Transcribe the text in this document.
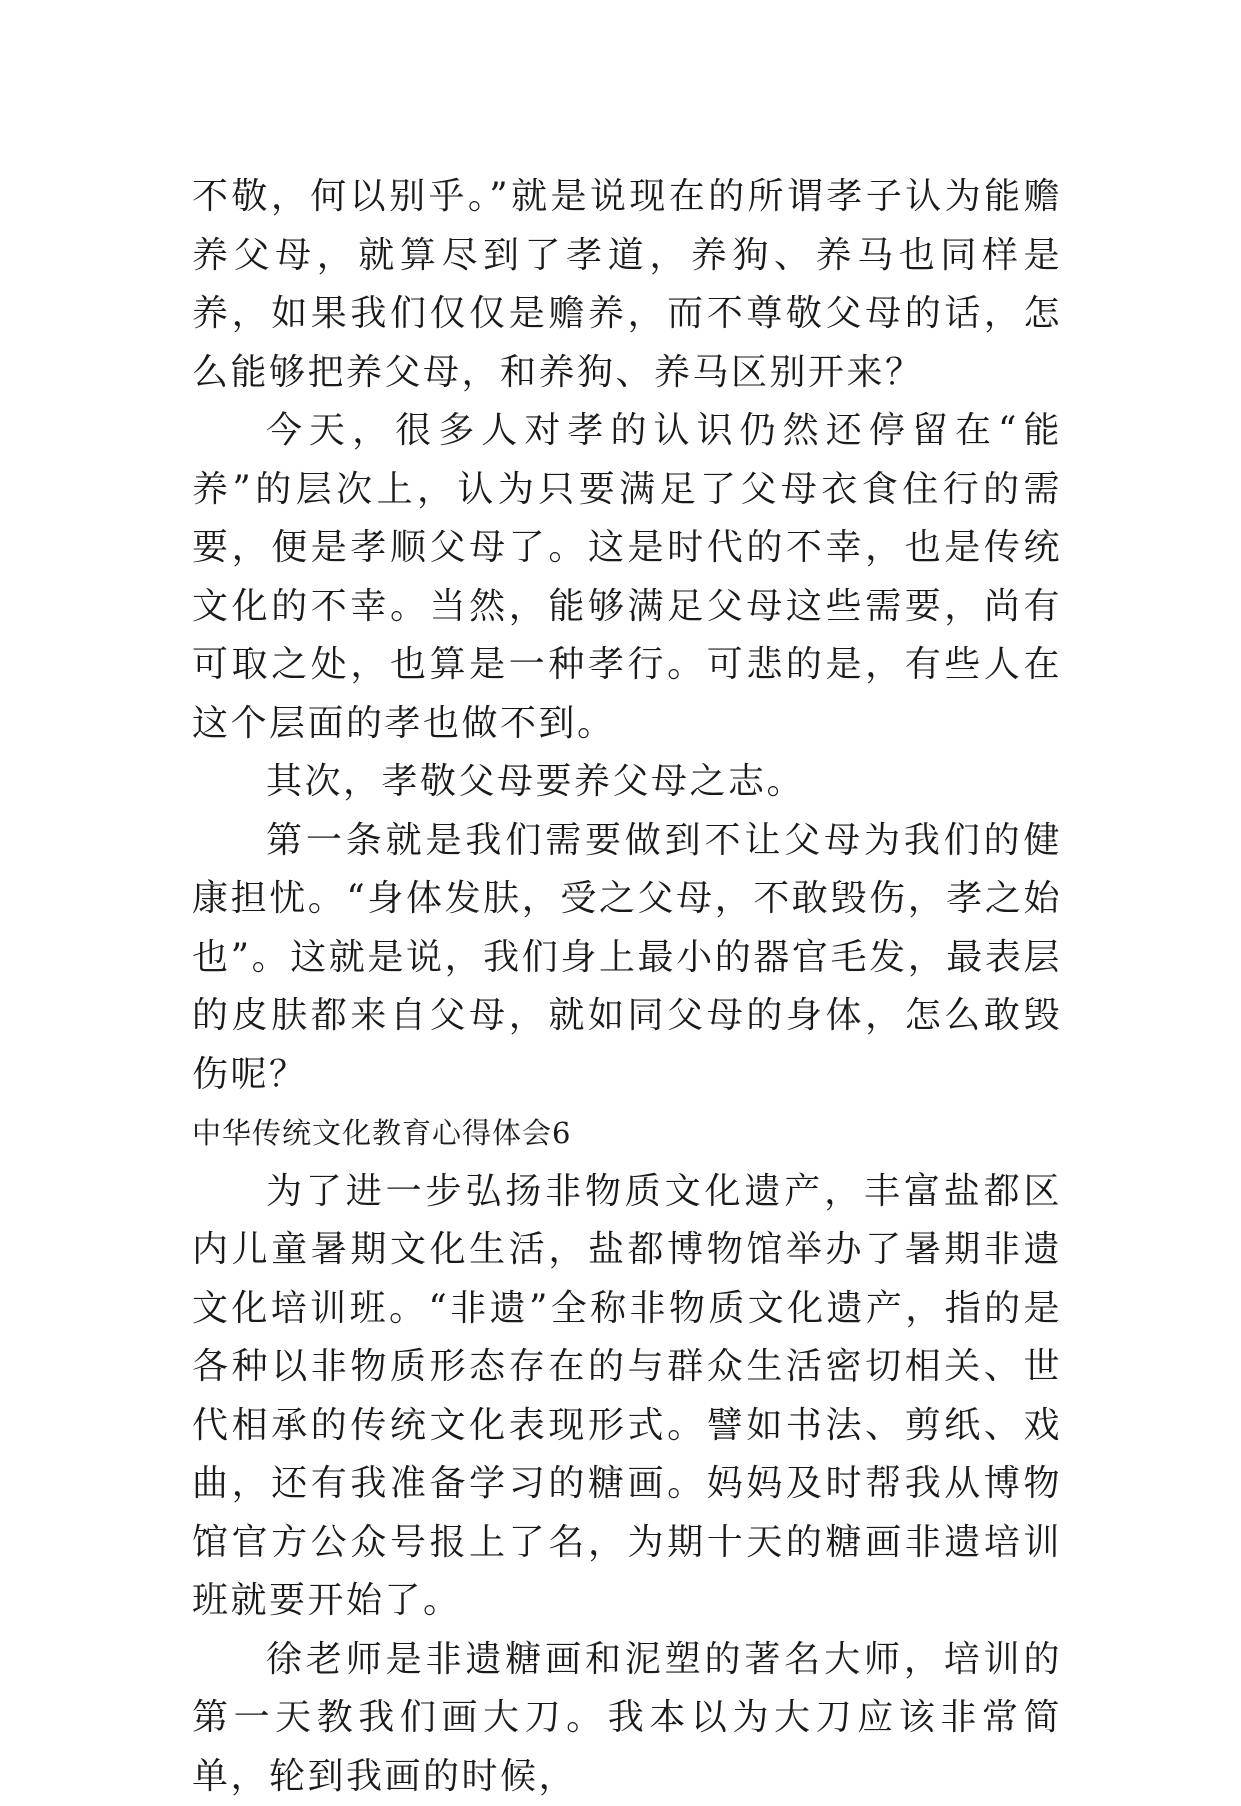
不敬，何以别乎。”就是说现在的所谓孝子认为能赡养父母，就算尽到了孝道，养狗、养马也同样是养，如果我们仅仅是赡养，而不尊敬父母的话，怎么能够把养父母，和养狗、养马区别开来？

今天，很多人对孝的认识仍然还停留在“能养”的层次上，认为只要满足了父母衣食住行的需要，便是孝顺父母了。这是时代的不幸，也是传统文化的不幸。当然，能够满足父母这些需要，尚有可取之处，也算是一种孝行。可悲的是，有些人在这个层面的孝也做不到。

其次，孝敬父母要养父母之志。

第一条就是我们需要做到不让父母为我们的健康担忧。“身体发肤，受之父母，不敢毁伤，孝之始也”。这就是说，我们身上最小的器官毛发，最表层的皮肤都来自父母，就如同父母的身体，怎么敢毁伤呢？

中华传统文化教育心得体会6

为了进一步弘扬非物质文化遗产，丰富盐都区内儿童暑期文化生活，盐都博物馆举办了暑期非遗文化培训班。“非遗”全称非物质文化遗产，指的是各种以非物质形态存在的与群众生活密切相关、世代相承的传统文化表现形式。譬如书法、剪纸、戏曲，还有我准备学习的糖画。妈妈及时帮我从博物馆官方公众号报上了名，为期十天的糖画非遗培训班就要开始了。

徐老师是非遗糖画和泥塑的著名大师，培训的第一天教我们画大刀。我本以为大刀应该非常简单，轮到我画的时候，
